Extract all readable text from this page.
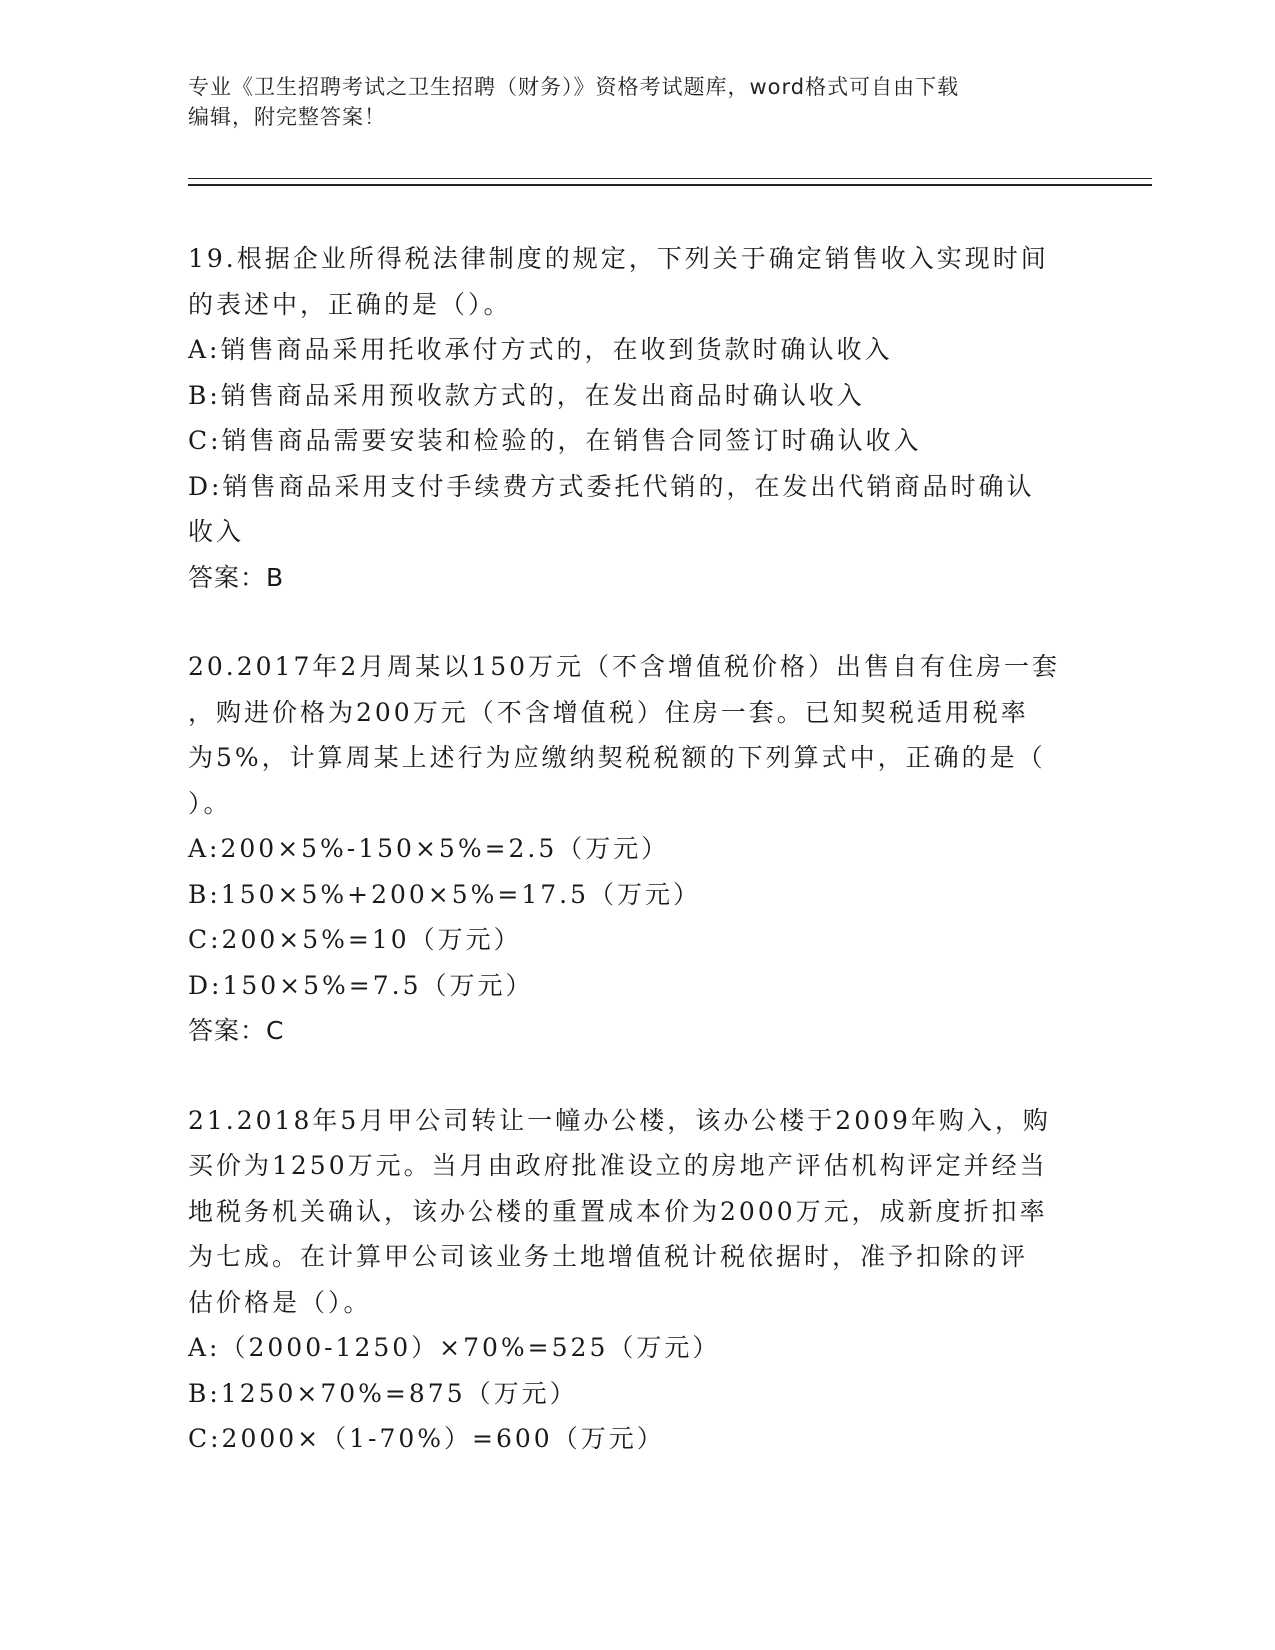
专业《卫生招聘考试之卫生招聘（财务）》资格考试题库，word格式可自由下载

编辑，附完整答案！

19.根据企业所得税法律制度的规定，下列关于确定销售收入实现时间

的表述中，正确的是（）。

A:销售商品采用托收承付方式的，在收到货款时确认收入

B:销售商品采用预收款方式的，在发出商品时确认收入

C:销售商品需要安装和检验的，在销售合同签订时确认收入

D:销售商品采用支付手续费方式委托代销的，在发出代销商品时确认

收入

答案：B

20.2017年2月周某以150万元（不含增值税价格）出售自有住房一套

，购进价格为200万元（不含增值税）住房一套。已知契税适用税率

为5%，计算周某上述行为应缴纳契税税额的下列算式中，正确的是（

）。

A:200×5%-150×5%=2.5（万元）

B:150×5%+200×5%=17.5（万元）

C:200×5%=10（万元）

D:150×5%=7.5（万元）

答案：C

21.2018年5月甲公司转让一幢办公楼，该办公楼于2009年购入，购

买价为1250万元。当月由政府批准设立的房地产评估机构评定并经当

地税务机关确认，该办公楼的重置成本价为2000万元，成新度折扣率

为七成。在计算甲公司该业务土地增值税计税依据时，准予扣除的评

估价格是（）。

A:（2000-1250）×70%=525（万元）

B:1250×70%=875（万元）

C:2000×（1-70%）=600（万元）
